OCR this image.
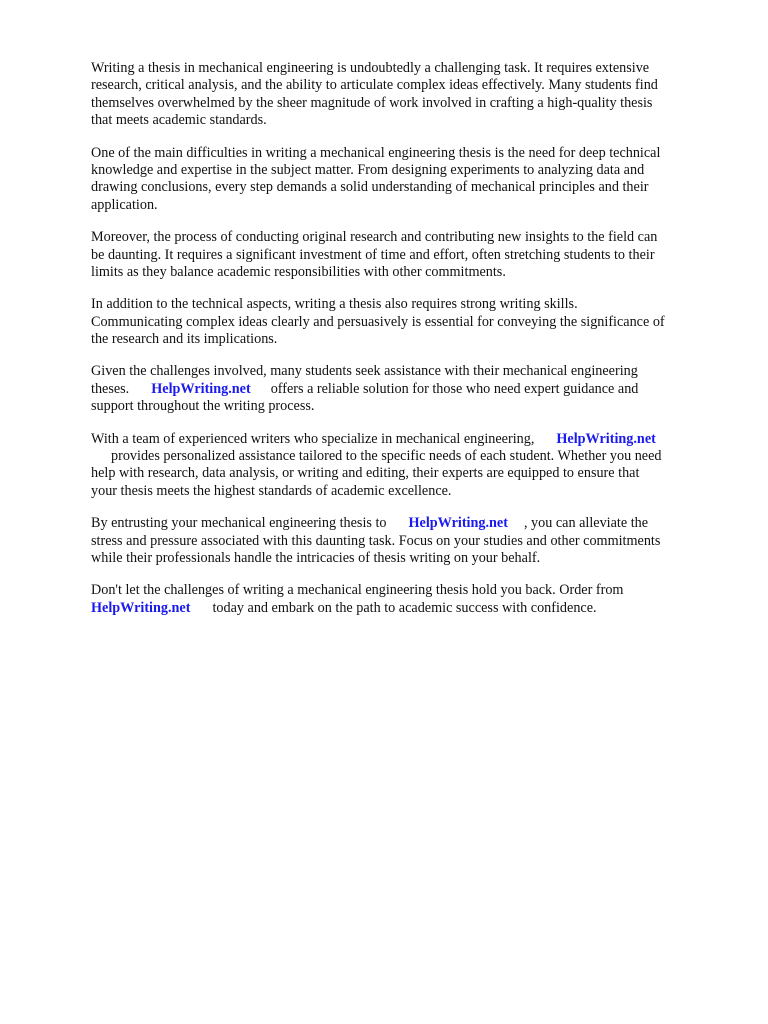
Writing a thesis in mechanical engineering is undoubtedly a challenging task. It requires extensive
research, critical analysis, and the ability to articulate complex ideas effectively. Many students find
themselves overwhelmed by the sheer magnitude of work involved in crafting a high-quality thesis
that meets academic standards.

One of the main difficulties in writing a mechanical engineering thesis is the need for deep technical
knowledge and expertise in the subject matter. From designing experiments to analyzing data and
drawing conclusions, every step demands a solid understanding of mechanical principles and their
application.

Moreover, the process of conducting original research and contributing new insights to the field can
be daunting. It requires a significant investment of time and effort, often stretching students to their
limits as they balance academic responsibilities with other commitments.

In addition to the technical aspects, writing a thesis also requires strong writing skills.
Communicating complex ideas clearly and persuasively is essential for conveying the significance of
the research and its implications.

Given the challenges involved, many students seek assistance with their mechanical engineering
theses. HelpWriting.net offers a reliable solution for those who need expert guidance and
support throughout the writing process.

With a team of experienced writers who specialize in mechanical engineering, HelpWriting.net
provides personalized assistance tailored to the specific needs of each student. Whether you need
help with research, data analysis, or writing and editing, their experts are equipped to ensure that
your thesis meets the highest standards of academic excellence.

By entrusting your mechanical engineering thesis to HelpWriting.net , you can alleviate the
stress and pressure associated with this daunting task. Focus on your studies and other commitments
while their professionals handle the intricacies of thesis writing on your behalf.

Don't let the challenges of writing a mechanical engineering thesis hold you back. Order from
HelpWriting.net today and embark on the path to academic success with confidence.
